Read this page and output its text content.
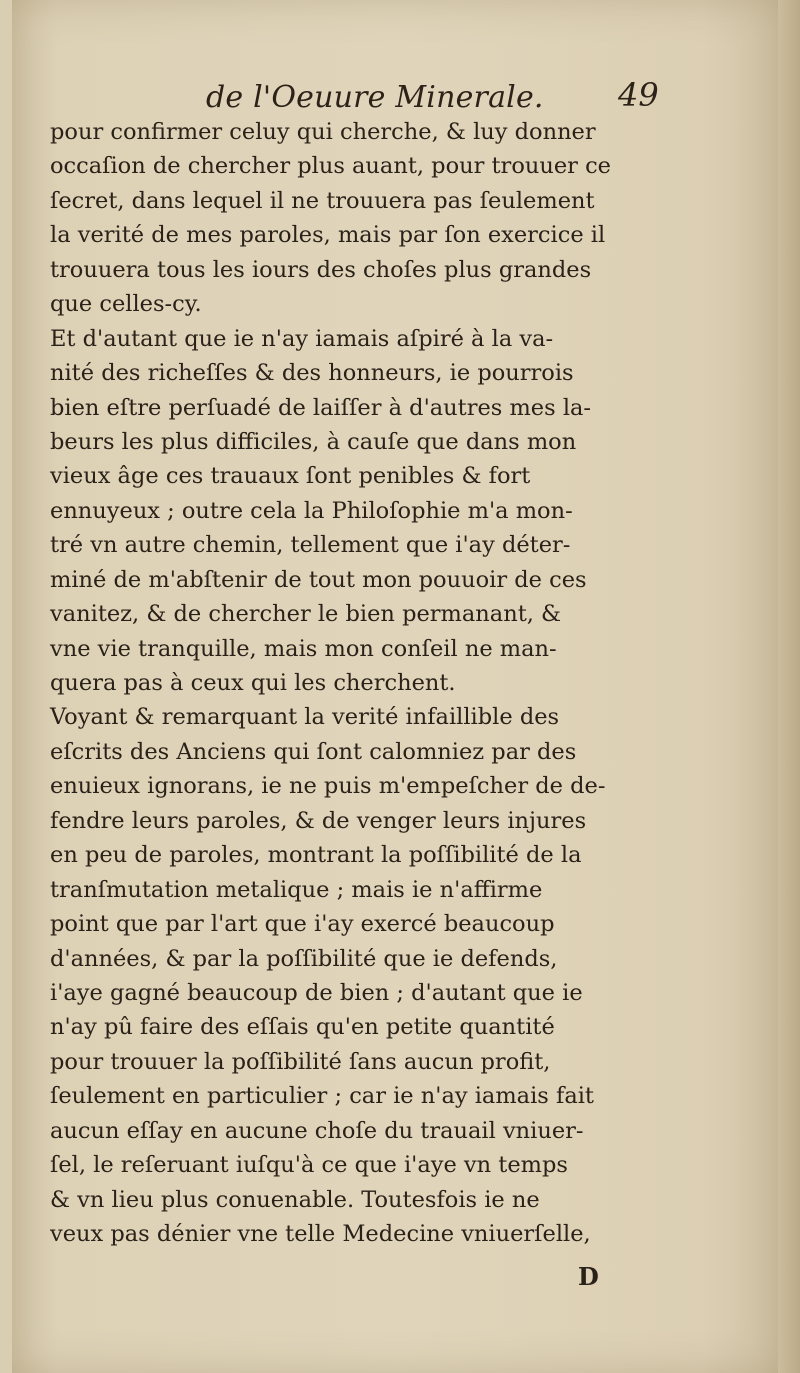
de l'Oeuure Minerale. 49
pour confirmer celuy qui cherche, & luy donner
occaſion de chercher plus auant, pour trouuer ce
ſecret, dans lequel il ne trouuera pas ſeulement
la verité de mes paroles, mais par ſon exercice il
trouuera tous les iours des choſes plus grandes
que celles-cy.
Et d'autant que ie n'ay iamais aſpiré à la va-
nité des richeſſes & des honneurs, ie pourrois
bien eſtre perſuadé de laiſſer à d'autres mes la-
beurs les plus difficiles, à cauſe que dans mon
vieux âge ces trauaux ſont penibles & fort
ennuyeux ; outre cela la Philoſophie m'a mon-
tré vn autre chemin, tellement que i'ay déter-
miné de m'abſtenir de tout mon pouuoir de ces
vanitez, & de chercher le bien permanant, &
vne vie tranquille, mais mon conſeil ne man-
quera pas à ceux qui les cherchent.
Voyant & remarquant la verité infaillible des
eſcrits des Anciens qui ſont calomniez par des
enuieux ignorans, ie ne puis m'empeſcher de de-
fendre leurs paroles, & de venger leurs injures
en peu de paroles, montrant la poſſibilité de la
tranſmutation metalique ; mais ie n'affirme
point que par l'art que i'ay exercé beaucoup
d'années, & par la poſſibilité que ie defends,
i'aye gagné beaucoup de bien ; d'autant que ie
n'ay pû faire des eſſais qu'en petite quantité
pour trouuer la poſſibilité ſans aucun profit,
ſeulement en particulier ; car ie n'ay iamais fait
aucun eſſay en aucune choſe du trauail vniuer-
ſel, le reſeruant iuſqu'à ce que i'aye vn temps
& vn lieu plus conuenable. Toutesfois ie ne
veux pas dénier vne telle Medecine vniuerſelle,
D
